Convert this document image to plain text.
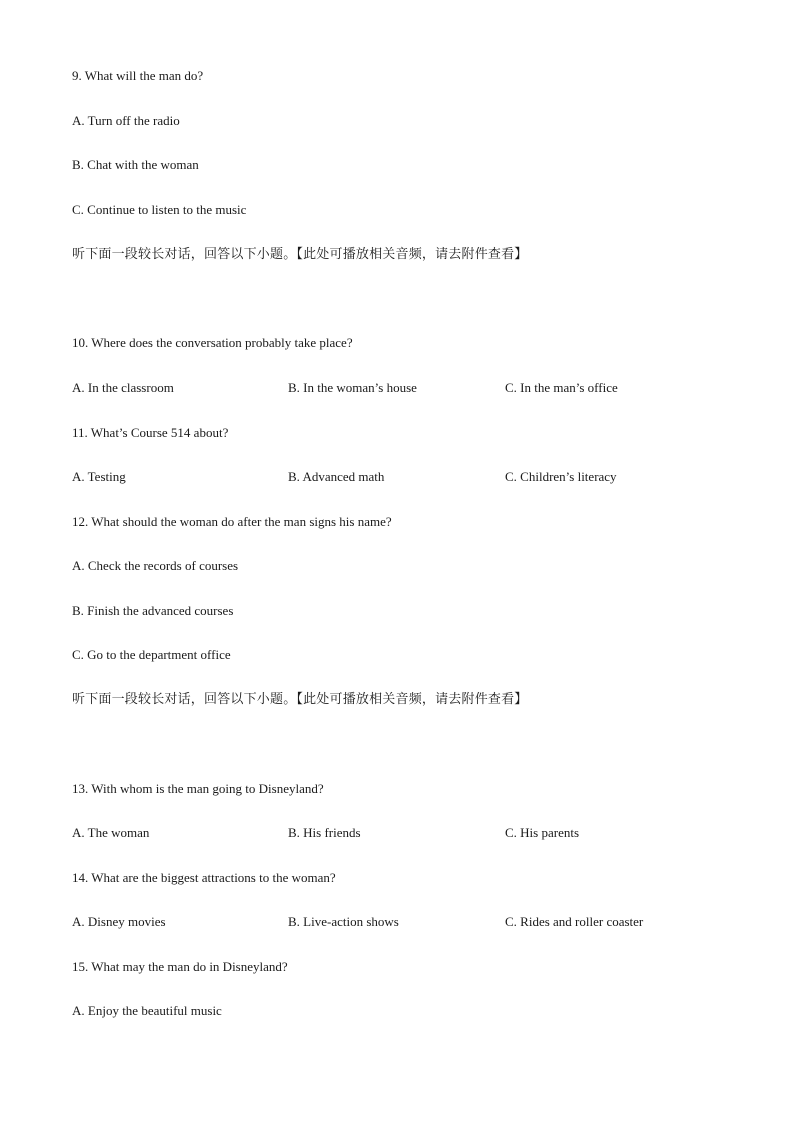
9. What will the man do?
A. Turn off the radio
B. Chat with the woman
C. Continue to listen to the music
听下面一段较长对话，回答以下小题。【此处可播放相关音频，请去附件查看】
10. Where does the conversation probably take place?
A. In the classroom	B. In the woman’s house	C. In the man’s office
11. What’s Course 514 about?
A. Testing	B. Advanced math	C. Children’s literacy
12. What should the woman do after the man signs his name?
A. Check the records of courses
B. Finish the advanced courses
C. Go to the department office
听下面一段较长对话，回答以下小题。【此处可播放相关音频，请去附件查看】
13. With whom is the man going to Disneyland?
A. The woman	B. His friends	C. His parents
14. What are the biggest attractions to the woman?
A. Disney movies	B. Live-action shows	C. Rides and roller coaster
15. What may the man do in Disneyland?
A. Enjoy the beautiful music
